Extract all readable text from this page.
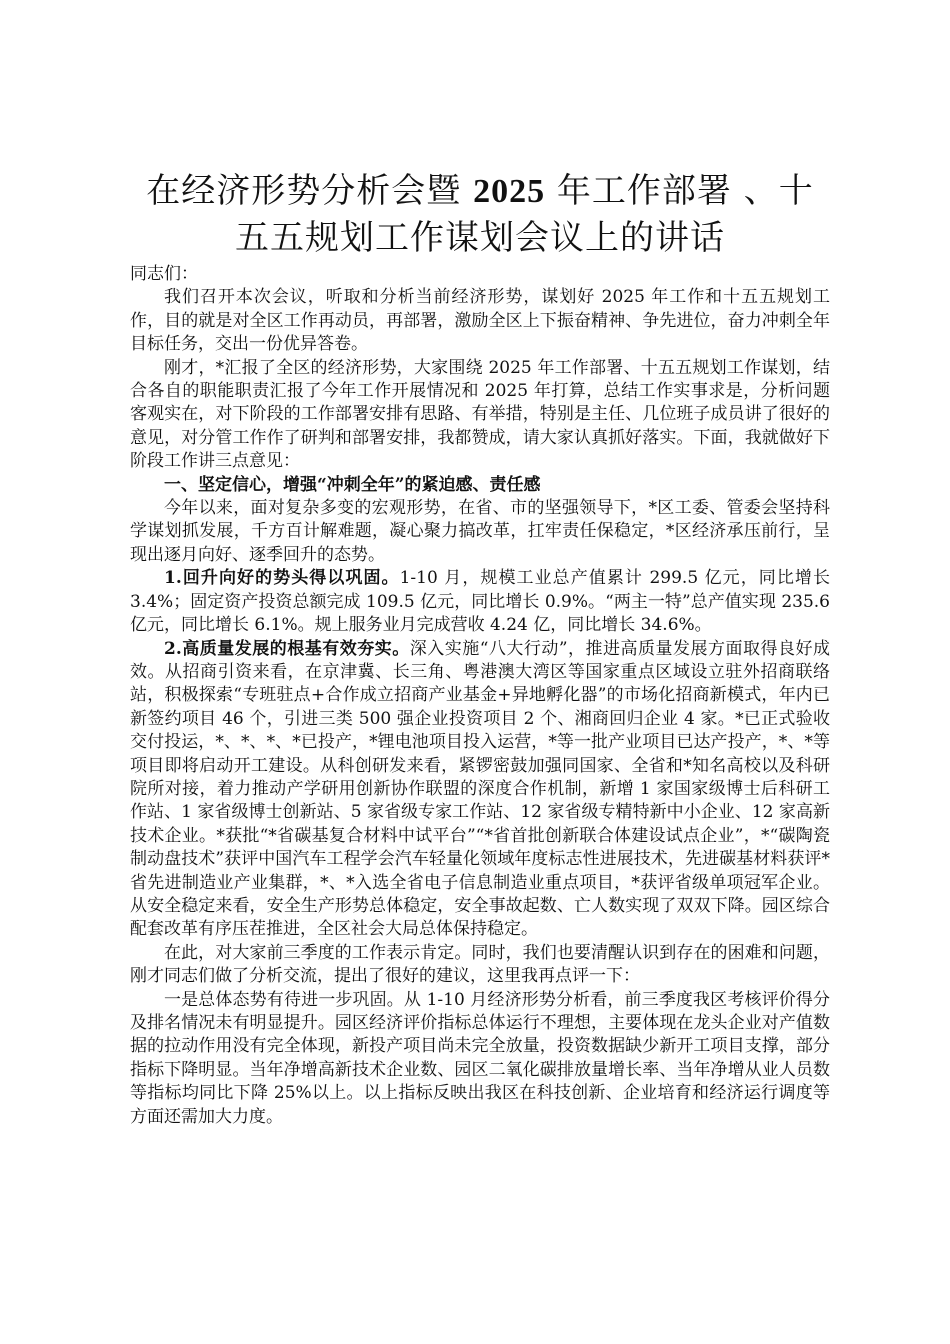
在经济形势分析会暨 2025 年工作部署 、十
五五规划工作谋划会议上的讲话

同志们：

我们召开本次会议，听取和分析当前经济形势，谋划好 2025 年工作和十五五规划工作，目的就是对全区工作再动员，再部署，激励全区上下振奋精神、争先进位，奋力冲刺全年目标任务，交出一份优异答卷。

刚才，*汇报了全区的经济形势，大家围绕 2025 年工作部署、十五五规划工作谋划，结合各自的职能职责汇报了今年工作开展情况和 2025 年打算，总结工作实事求是，分析问题客观实在，对下阶段的工作部署安排有思路、有举措，特别是主任、几位班子成员讲了很好的意见，对分管工作作了研判和部署安排，我都赞成，请大家认真抓好落实。下面，我就做好下阶段工作讲三点意见：

一、坚定信心，增强“冲刺全年”的紧迫感、责任感

今年以来，面对复杂多变的宏观形势，在省、市的坚强领导下，*区工委、管委会坚持科学谋划抓发展，千方百计解难题，凝心聚力搞改革，扛牢责任保稳定，*区经济承压前行，呈现出逐月向好、逐季回升的态势。

1.回升向好的势头得以巩固。1-10 月，规模工业总产值累计 299.5 亿元，同比增长 3.4%；固定资产投资总额完成 109.5 亿元，同比增长 0.9%。“两主一特”总产值实现 235.6 亿元，同比增长 6.1%。规上服务业月完成营收 4.24 亿，同比增长 34.6%。

2.高质量发展的根基有效夯实。深入实施“八大行动”，推进高质量发展方面取得良好成效。从招商引资来看，在京津冀、长三角、粤港澳大湾区等国家重点区域设立驻外招商联络站，积极探索“专班驻点+合作成立招商产业基金+异地孵化器”的市场化招商新模式，年内已新签约项目 46 个，引进三类 500 强企业投资项目 2 个、湘商回归企业 4 家。*已正式验收交付投运，*、*、*、*已投产，*锂电池项目投入运营，*等一批产业项目已达产投产，*、*等项目即将启动开工建设。从科创研发来看，紧锣密鼓加强同国家、全省和*知名高校以及科研院所对接，着力推动产学研用创新协作联盟的深度合作机制，新增 1 家国家级博士后科研工作站、1 家省级博士创新站、5 家省级专家工作站、12 家省级专精特新中小企业、12 家高新技术企业。*获批“*省碳基复合材料中试平台”“*省首批创新联合体建设试点企业”，*“碳陶瓷制动盘技术”获评中国汽车工程学会汽车轻量化领域年度标志性进展技术，先进碳基材料获评*省先进制造业产业集群，*、*入选全省电子信息制造业重点项目，*获评省级单项冠军企业。从安全稳定来看，安全生产形势总体稳定，安全事故起数、亡人数实现了双双下降。园区综合配套改革有序压茬推进，全区社会大局总体保持稳定。

在此，对大家前三季度的工作表示肯定。同时，我们也要清醒认识到存在的困难和问题，刚才同志们做了分析交流，提出了很好的建议，这里我再点评一下：

一是总体态势有待进一步巩固。从 1-10 月经济形势分析看，前三季度我区考核评价得分及排名情况未有明显提升。园区经济评价指标总体运行不理想，主要体现在龙头企业对产值数据的拉动作用没有完全体现，新投产项目尚未完全放量，投资数据缺少新开工项目支撑，部分指标下降明显。当年净增高新技术企业数、园区二氧化碳排放量增长率、当年净增从业人员数等指标均同比下降 25%以上。以上指标反映出我区在科技创新、企业培育和经济运行调度等方面还需加大力度。
